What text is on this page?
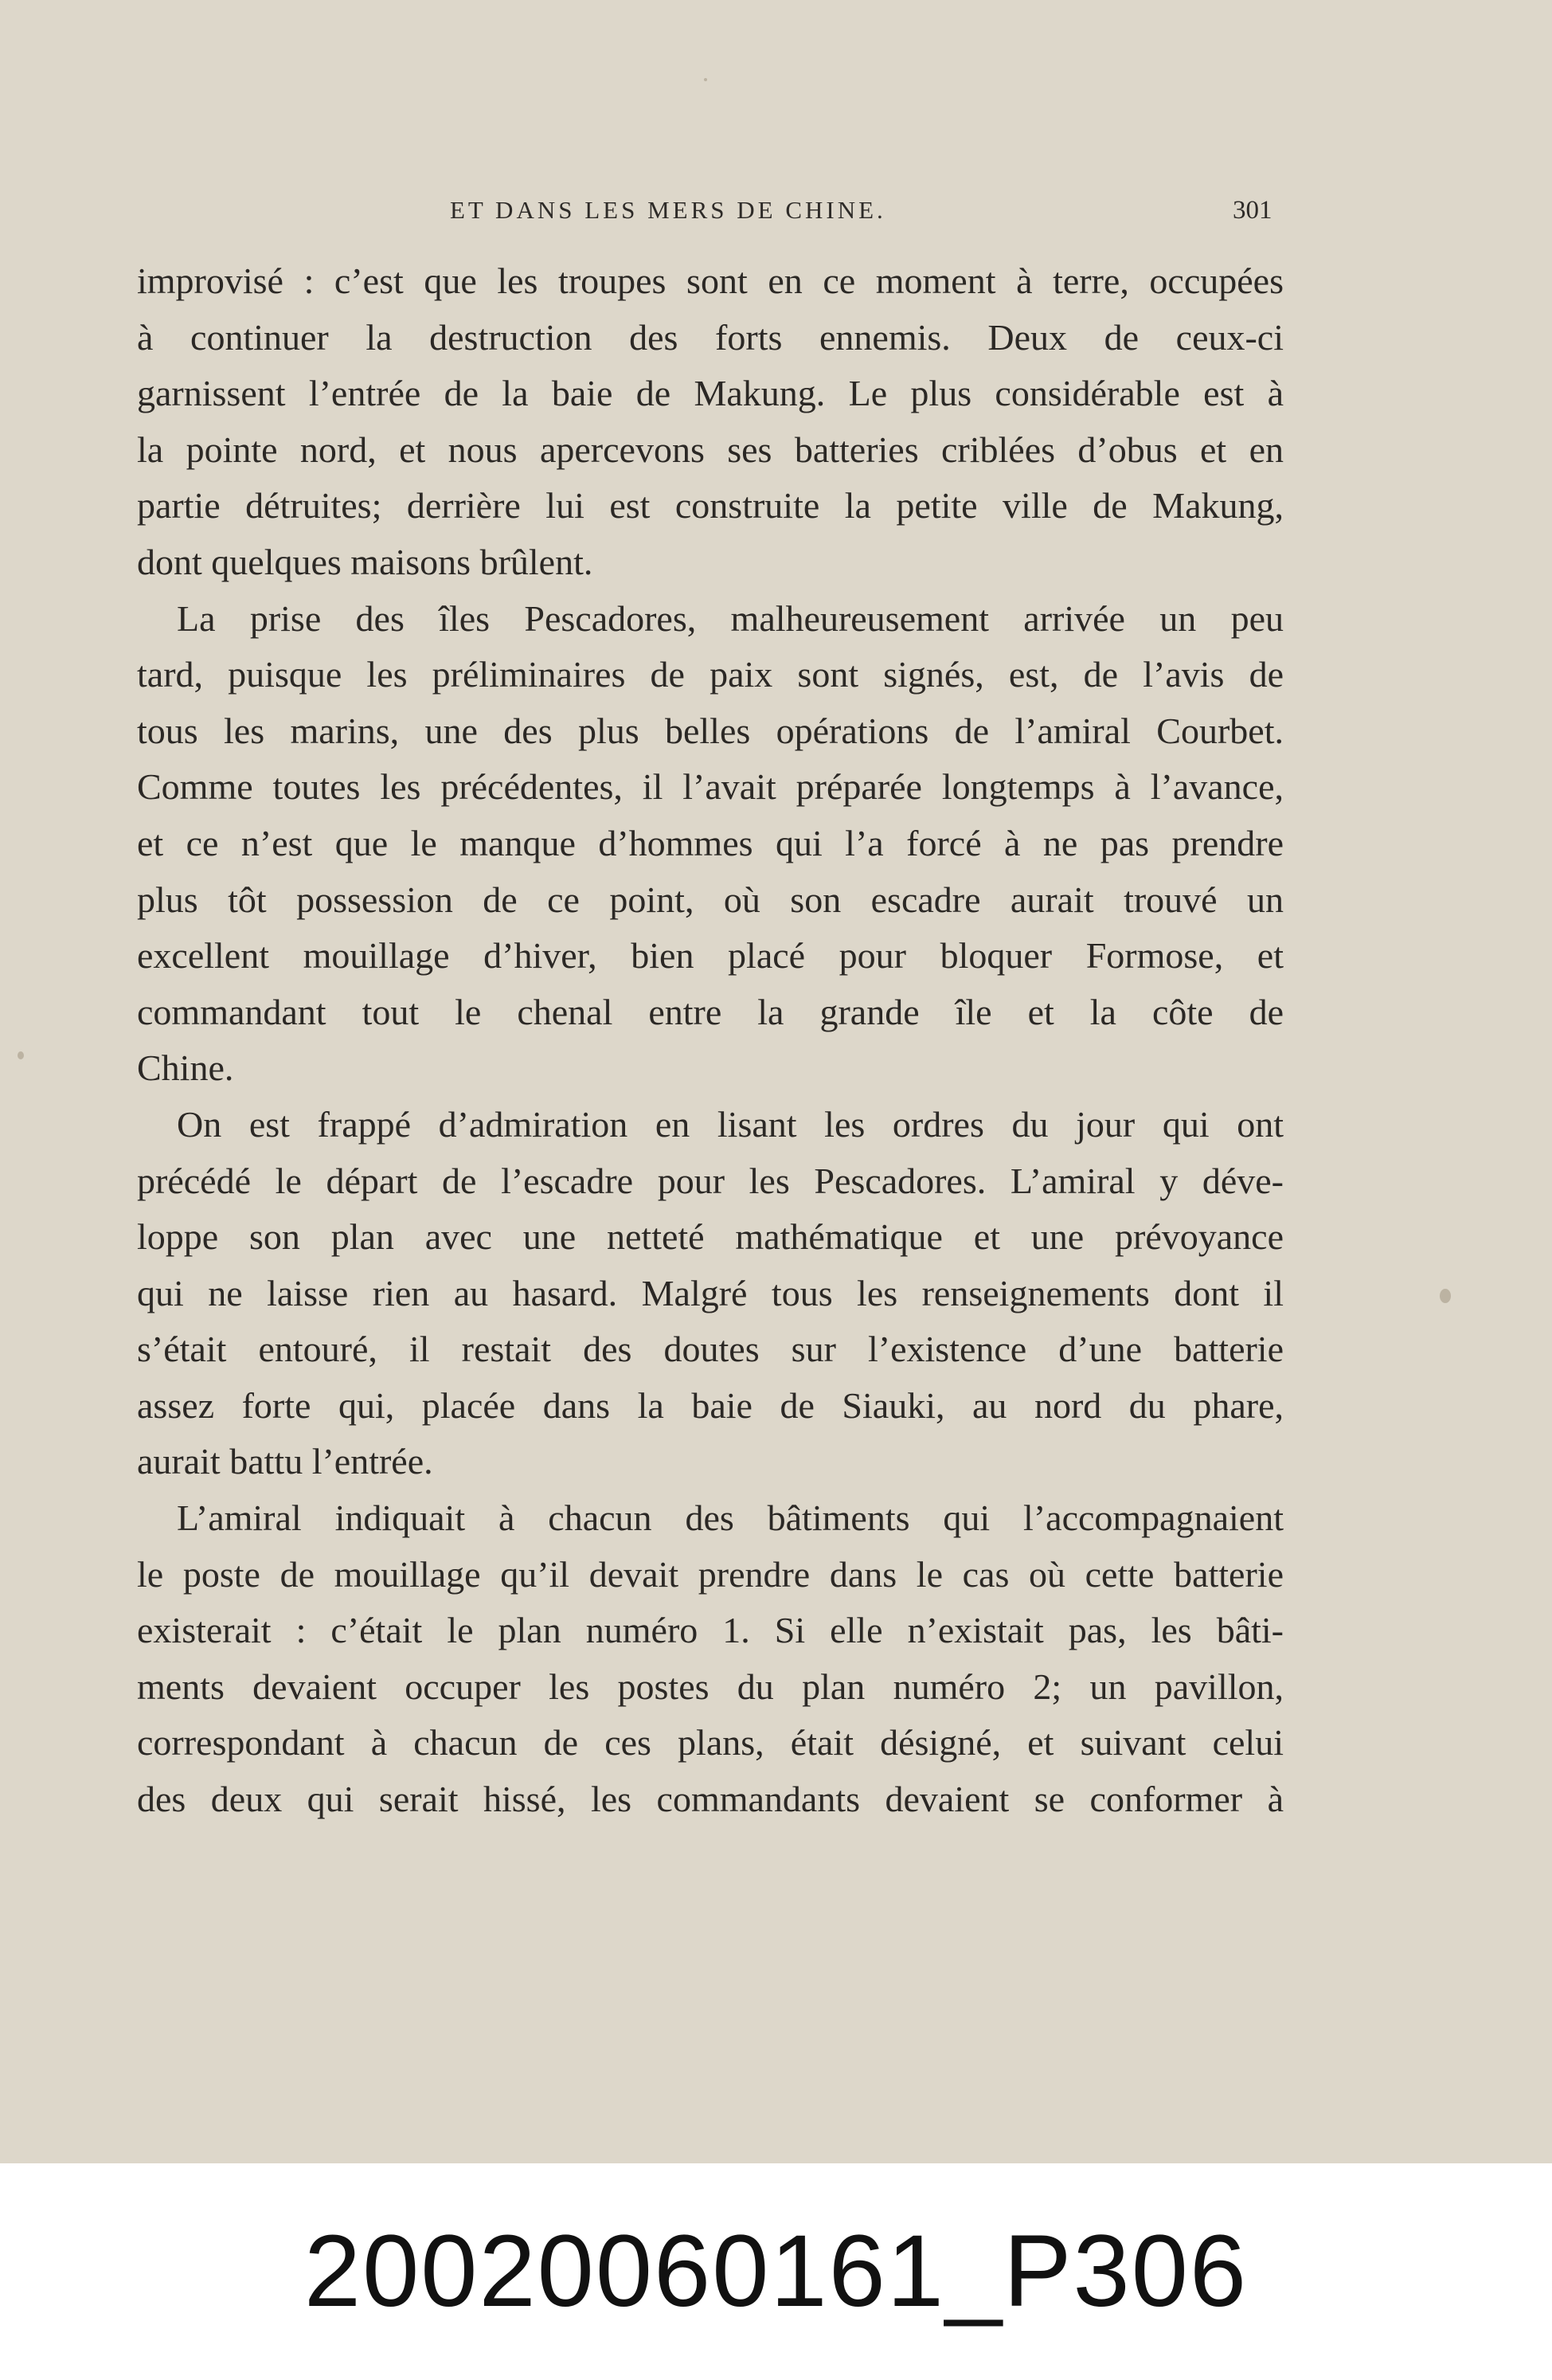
ET DANS LES MERS DE CHINE.	301
improvisé : c’est que les troupes sont en ce moment à terre, occupées
à continuer la destruction des forts ennemis. Deux de ceux-ci
garnissent l’entrée de la baie de Makung. Le plus considérable est à
la pointe nord, et nous apercevons ses batteries criblées d’obus et en
partie détruites; derrière lui est construite la petite ville de Makung,
dont quelques maisons brûlent.
La prise des îles Pescadores, malheureusement arrivée un peu
tard, puisque les préliminaires de paix sont signés, est, de l’avis de
tous les marins, une des plus belles opérations de l’amiral Courbet.
Comme toutes les précédentes, il l’avait préparée longtemps à l’avance,
et ce n’est que le manque d’hommes qui l’a forcé à ne pas prendre
plus tôt possession de ce point, où son escadre aurait trouvé un
excellent mouillage d’hiver, bien placé pour bloquer Formose, et
commandant tout le chenal entre la grande île et la côte de
Chine.
On est frappé d’admiration en lisant les ordres du jour qui ont
précédé le départ de l’escadre pour les Pescadores. L’amiral y déve-
loppe son plan avec une netteté mathématique et une prévoyance
qui ne laisse rien au hasard. Malgré tous les renseignements dont il
s’était entouré, il restait des doutes sur l’existence d’une batterie
assez forte qui, placée dans la baie de Siauki, au nord du phare,
aurait battu l’entrée.
L’amiral indiquait à chacun des bâtiments qui l’accompagnaient
le poste de mouillage qu’il devait prendre dans le cas où cette batterie
existerait : c’était le plan numéro 1. Si elle n’existait pas, les bâti-
ments devaient occuper les postes du plan numéro 2; un pavillon,
correspondant à chacun de ces plans, était désigné, et suivant celui
des deux qui serait hissé, les commandants devaient se conformer à
20020060161_P306
